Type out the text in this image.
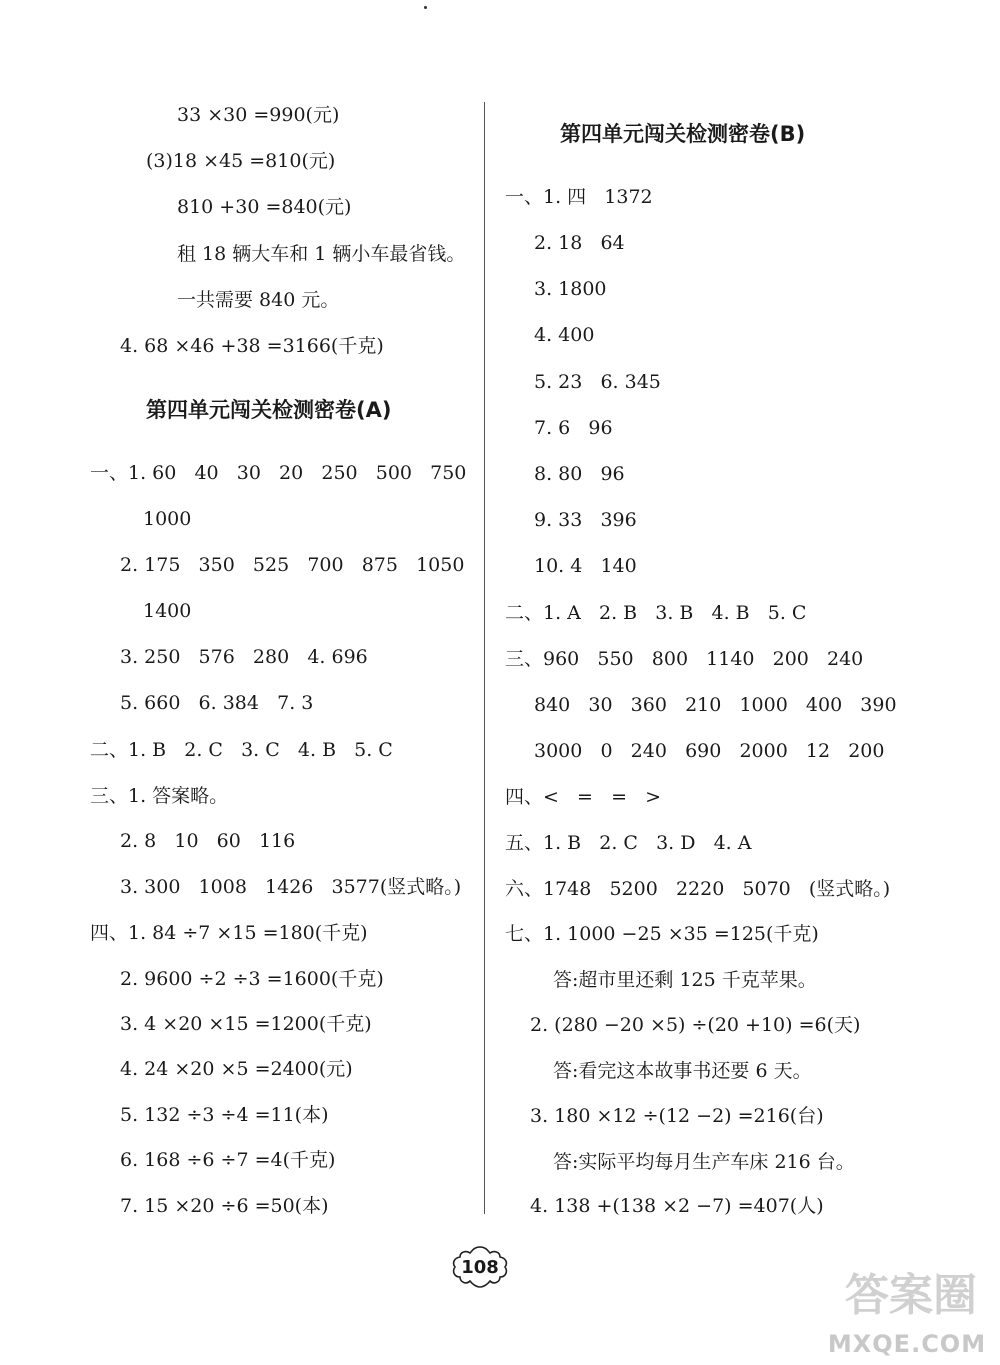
33 ×30 =990(元)
(3)18 ×45 =810(元)
810 +30 =840(元)
租 18 辆大车和 1 辆小车最省钱。
一共需要 840 元。
4. 68 ×46 +38 =3166(千克)
第四单元闯关检测密卷(A)
一、1. 60   40   30   20   250   500   750
1000
2. 175   350   525   700   875   1050
1400
3. 250   576   280   4. 696
5. 660   6. 384   7. 3
二、1. B   2. C   3. C   4. B   5. C
三、1. 答案略。
2. 8   10   60   116
3. 300   1008   1426   3577(竖式略。)
四、1. 84 ÷7 ×15 =180(千克)
2. 9600 ÷2 ÷3 =1600(千克)
3. 4 ×20 ×15 =1200(千克)
4. 24 ×20 ×5 =2400(元)
5. 132 ÷3 ÷4 =11(本)
6. 168 ÷6 ÷7 =4(千克)
7. 15 ×20 ÷6 =50(本)
第四单元闯关检测密卷(B)
一、1. 四   1372
2. 18   64
3. 1800
4. 400
5. 23   6. 345
7. 6   96
8. 80   96
9. 33   396
10. 4   140
二、1. A   2. B   3. B   4. B   5. C
三、960   550   800   1140   200   240
840   30   360   210   1000   400   390
3000   0   240   690   2000   12   200
四、<   =   =   >
五、1. B   2. C   3. D   4. A
六、1748   5200   2220   5070   (竖式略。)
七、1. 1000 −25 ×35 =125(千克)
答:超市里还剩 125 千克苹果。
2. (280 −20 ×5) ÷(20 +10) =6(天)
答:看完这本故事书还要 6 天。
3. 180 ×12 ÷(12 −2) =216(台)
答:实际平均每月生产车床 216 台。
4. 138 +(138 ×2 −7) =407(人)
108
答案圈
MXQE.COM
